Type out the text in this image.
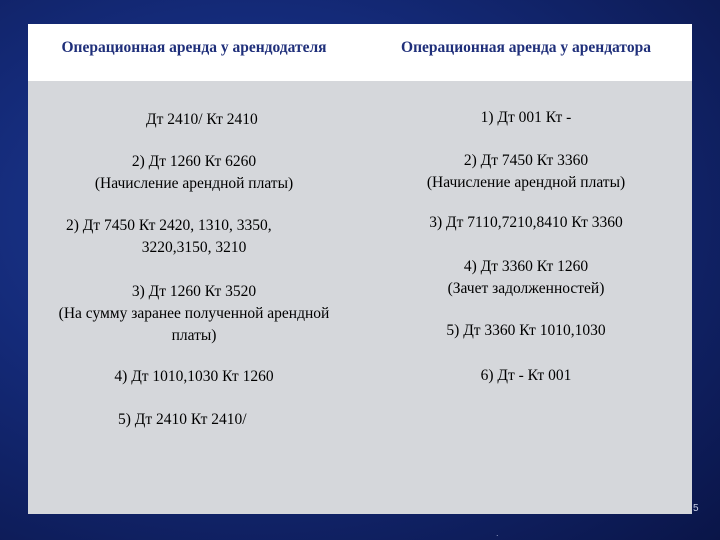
Операционная аренда у арендодателя	Операционная аренда у арендатора
Дт 2410/ Кт 2410
2) Дт 1260 Кт 6260
(Начисление арендной платы)
2) Дт 7450 Кт 2420, 1310, 3350,
3220,3150, 3210
3) Дт 1260 Кт 3520
(На сумму заранее полученной арендной
платы)
4) Дт 1010,1030 Кт 1260
5) Дт 2410 Кт 2410/
1) Дт 001 Кт -
2) Дт 7450 Кт 3360
(Начисление арендной платы)
3) Дт 7110,7210,8410 Кт 3360
4) Дт 3360 Кт 1260
(Зачет задолженностей)
5) Дт 3360 Кт 1010,1030
6) Дт - Кт 001
5
.
